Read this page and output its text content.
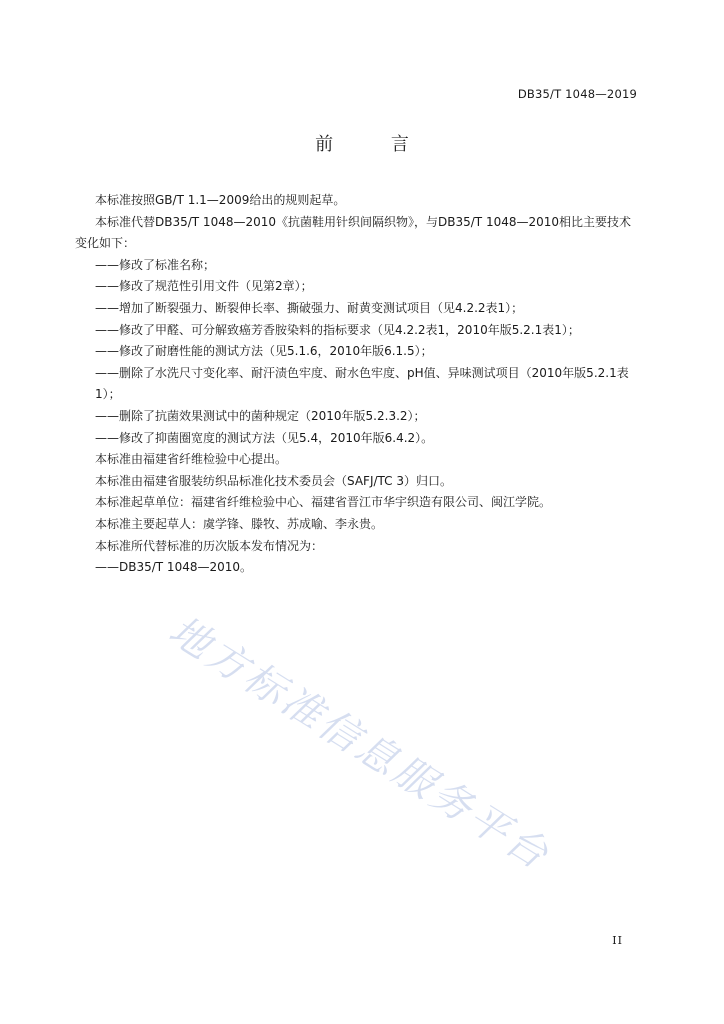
DB35/T 1048—2019
前 言

本标准按照GB/T 1.1—2009给出的规则起草。

本标准代替DB35/T 1048—2010《抗菌鞋用针织间隔织物》，与DB35/T 1048—2010相比主要技术变化如下：

——修改了标准名称；

——修改了规范性引用文件（见第2章）；

——增加了断裂强力、断裂伸长率、撕破强力、耐黄变测试项目（见4.2.2表1）；

——修改了甲醛、可分解致癌芳香胺染料的指标要求（见4.2.2表1，2010年版5.2.1表1）；

——修改了耐磨性能的测试方法（见5.1.6，2010年版6.1.5）；

——删除了水洗尺寸变化率、耐汗渍色牢度、耐水色牢度、pH值、异味测试项目（2010年版5.2.1表1）；

——删除了抗菌效果测试中的菌种规定（2010年版5.2.3.2）；

——修改了抑菌圈宽度的测试方法（见5.4，2010年版6.4.2）。

本标准由福建省纤维检验中心提出。

本标准由福建省服装纺织品标准化技术委员会（SAFJ/TC 3）归口。

本标准起草单位：福建省纤维检验中心、福建省晋江市华宇织造有限公司、闽江学院。

本标准主要起草人：虞学锋、滕牧、苏成喻、李永贵。

本标准所代替标准的历次版本发布情况为：

——DB35/T 1048—2010。

地方标准信息服务平台
II
